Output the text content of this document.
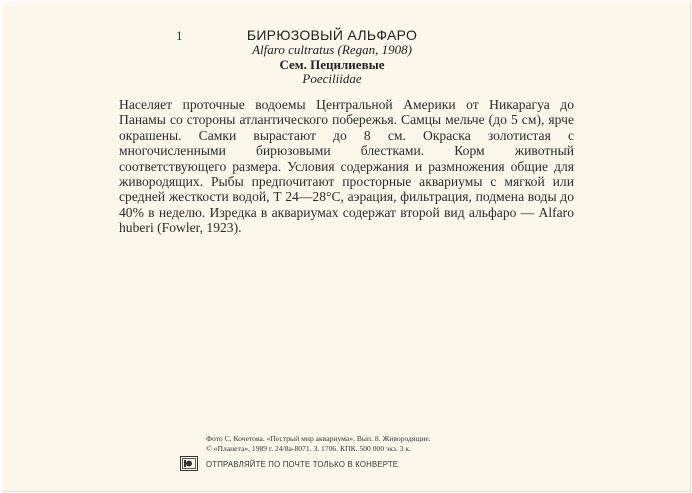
1	БИРЮЗОВЫЙ АЛЬФАРО
Alfaro cultratus (Regan, 1908)
Сем. Пецилиевые
Poeciliidae

Населяет проточные водоемы Центральной Америки от Никарагуа до Панамы со стороны атлантического побережья. Самцы мельче (до 5 см), ярче окрашены. Самки вырастают до 8 см. Окраска золотистая с многочисленными бирюзовыми блестками. Корм животный соответствующего размера. Условия содержания и размножения общие для живородящих. Рыбы предпочитают просторные аквариумы с мягкой или средней жесткости водой, Т 24—28°С, аэрация, фильтрация, подмена воды до 40% в неделю. Изредка в аквариумах содержат второй вид альфаро — Alfaro huberi (Fowler, 1923).

Фото С. Кочетова. «Пестрый мир аквариума». Вып. 8. Живородящие.
© «Планета», 1989 г. 24/8а-8071. З. 1706. КПК. 500 000 экз. 3 к.
ОТПРАВЛЯЙТЕ ПО ПОЧТЕ ТОЛЬКО В КОНВЕРТЕ
